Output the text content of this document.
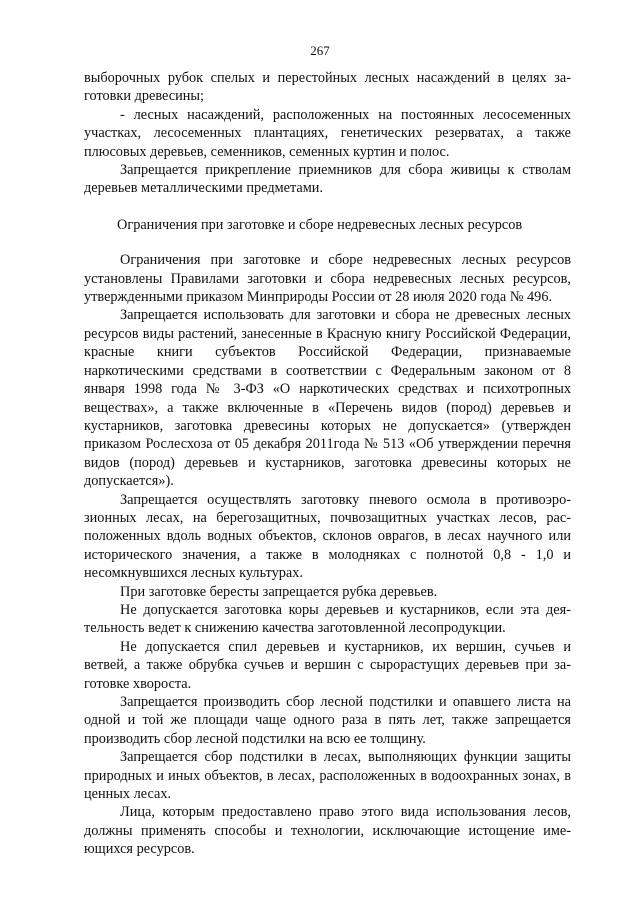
267

выборочных рубок спелых и перестойных лесных насаждений в целях заготовки древесины;

- лесных насаждений, расположенных на постоянных лесосеменных участках, лесосеменных плантациях, генетических резерватах, а также плюсовых деревьев, семенников, семенных куртин и полос.

Запрещается прикрепление приемников для сбора живицы к стволам деревьев металлическими предметами.

Ограничения при заготовке и сборе недревесных лесных ресурсов

Ограничения при заготовке и сборе недревесных лесных ресурсов установлены Правилами заготовки и сбора недревесных лесных ресурсов, утвержденными приказом Минприроды России от 28 июля 2020 года № 496.

Запрещается использовать для заготовки и сбора не древесных лесных ресурсов виды растений, занесенные в Красную книгу Российской Федерации, красные книги субъектов Российской Федерации, признаваемые наркотическими средствами в соответствии с Федеральным законом от 8 января 1998 года № 3-ФЗ «О наркотических средствах и психотропных веществах», а также включенные в «Перечень видов (пород) деревьев и кустарников, заготовка древесины которых не допускается» (утвержден приказом Рослесхоза от 05 декабря 2011года № 513 «Об утверждении перечня видов (пород) деревьев и кустарников, заготовка древесины которых не допускается»).

Запрещается осуществлять заготовку пневого осмола в противоэрозионных лесах, на берегозащитных, почвозащитных участках лесов, расположенных вдоль водных объектов, склонов оврагов, в лесах научного или исторического значения, а также в молодняках с полнотой 0,8 - 1,0 и несомкнувшихся лесных культурах.

При заготовке бересты запрещается рубка деревьев.

Не допускается заготовка коры деревьев и кустарников, если эта деятельность ведет к снижению качества заготовленной лесопродукции.

Не допускается спил деревьев и кустарников, их вершин, сучьев и ветвей, а также обрубка сучьев и вершин с сырорастущих деревьев при заготовке хвороста.

Запрещается производить сбор лесной подстилки и опавшего листа на одной и той же площади чаще одного раза в пять лет, также запрещается производить сбор лесной подстилки на всю ее толщину.

Запрещается сбор подстилки в лесах, выполняющих функции защиты природных и иных объектов, в лесах, расположенных в водоохранных зонах, в ценных лесах.

Лица, которым предоставлено право этого вида использования лесов, должны применять способы и технологии, исключающие истощение имеющихся ресурсов.
